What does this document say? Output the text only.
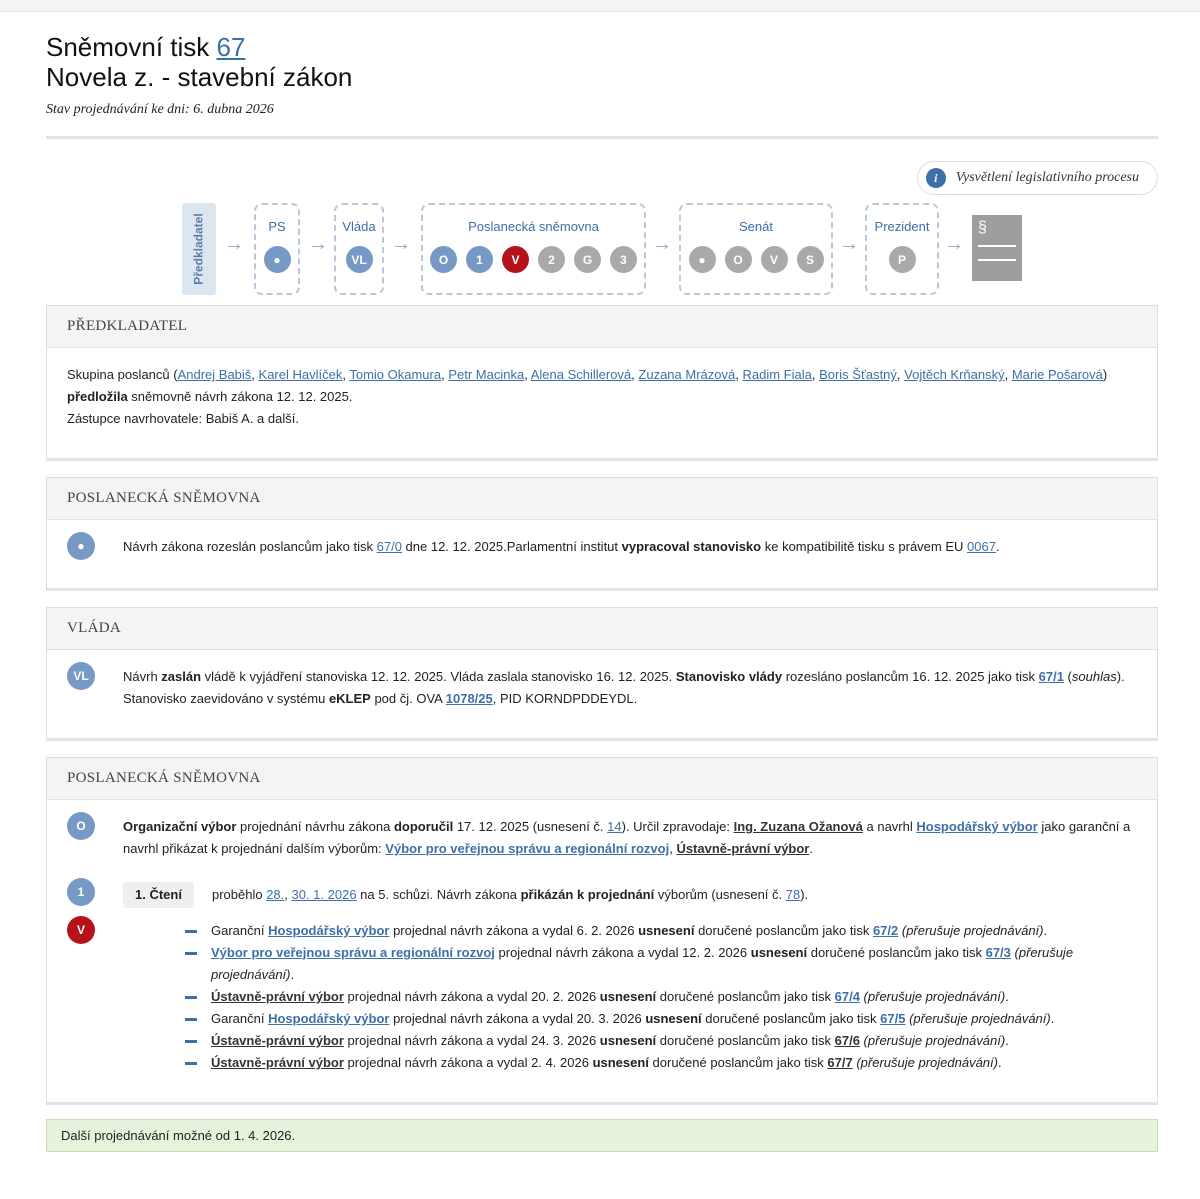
Sněmovní tisk 67
Novela z. - stavební zákon
Stav projednávání ke dni: 6. dubna 2026
i	Vysvětlení legislativního procesu
Předkladatel →
PS
●
→
Vláda
VL
→
Poslanecká sněmovna
O	1	V	2	G	3
→
Senát
●	O	V	S
→
Prezident
P
→
§
PŘEDKLADATEL
Skupina poslanců (Andrej Babiš, Karel Havlíček, Tomio Okamura, Petr Macinka, Alena Schillerová, Zuzana Mrázová, Radim Fiala, Boris Šťastný, Vojtěch Krňanský, Marie Pošarová) předložila sněmovně návrh zákona 12. 12. 2025.
Zástupce navrhovatele: Babiš A. a další.
POSLANECKÁ SNĚMOVNA
●	Návrh zákona rozeslán poslancům jako tisk 67/0 dne 12. 12. 2025.Parlamentní institut vypracoval stanovisko ke kompatibilitě tisku s právem EU 0067.
VLÁDA
VL	Návrh zaslán vládě k vyjádření stanoviska 12. 12. 2025. Vláda zaslala stanovisko 16. 12. 2025. Stanovisko vlády rozesláno poslancům 16. 12. 2025 jako tisk 67/1 (souhlas).
Stanovisko zaevidováno v systému eKLEP pod čj. OVA 1078/25, PID KORNDPDDEYDL.
POSLANECKÁ SNĚMOVNA
O	Organizační výbor projednání návrhu zákona doporučil 17. 12. 2025 (usnesení č. 14). Určil zpravodaje: Ing. Zuzana Ožanová a navrhl Hospodářský výbor jako garanční a navrhl přikázat k projednání dalším výborům: Výbor pro veřejnou správu a regionální rozvoj, Ústavně-právní výbor.
1	1. Čtení proběhlo 28., 30. 1. 2026 na 5. schůzi. Návrh zákona přikázán k projednání výborům (usnesení č. 78).
V	Garanční Hospodářský výbor projednal návrh zákona a vydal 6. 2. 2026 usnesení doručené poslancům jako tisk 67/2 (přerušuje projednávání).
Výbor pro veřejnou správu a regionální rozvoj projednal návrh zákona a vydal 12. 2. 2026 usnesení doručené poslancům jako tisk 67/3 (přerušuje projednávání).
Ústavně-právní výbor projednal návrh zákona a vydal 20. 2. 2026 usnesení doručené poslancům jako tisk 67/4 (přerušuje projednávání).
Garanční Hospodářský výbor projednal návrh zákona a vydal 20. 3. 2026 usnesení doručené poslancům jako tisk 67/5 (přerušuje projednávání).
Ústavně-právní výbor projednal návrh zákona a vydal 24. 3. 2026 usnesení doručené poslancům jako tisk 67/6 (přerušuje projednávání).
Ústavně-právní výbor projednal návrh zákona a vydal 2. 4. 2026 usnesení doručené poslancům jako tisk 67/7 (přerušuje projednávání).
Další projednávání možné od 1. 4. 2026.
